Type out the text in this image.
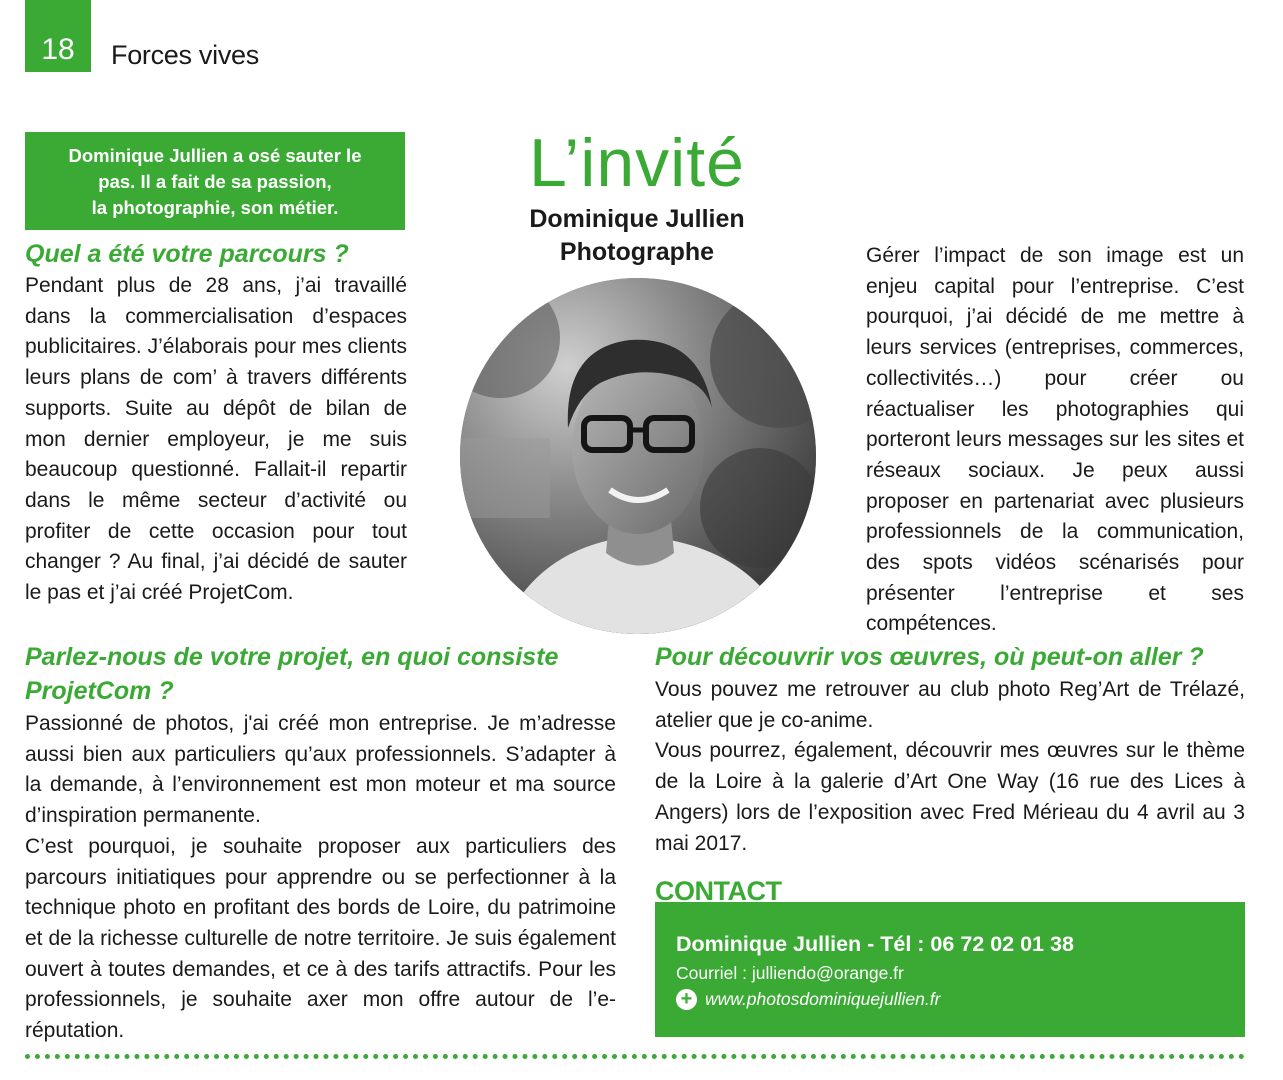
18 Forces vives
Dominique Jullien a osé sauter le
pas. Il a fait de sa passion,
la photographie, son métier.
L’invité
Dominique Jullien
Photographe
Quel a été votre parcours ?

Pendant plus de 28 ans, j’ai travaillé dans la commercialisation d’espaces publicitaires. J’élaborais pour mes clients leurs plans de com’ à travers différents supports. Suite au dépôt de bilan de mon dernier employeur, je me suis beaucoup questionné. Fallait-il repartir dans le même secteur d’activité ou profiter de cette occasion pour tout changer ? Au final, j’ai décidé de sauter le pas et j’ai créé ProjetCom.

Gérer l’impact de son image est un enjeu capital pour l’entreprise. C’est pourquoi, j’ai décidé de me mettre à leurs services (entreprises, commerces, collectivités…) pour créer ou réactualiser les photographies qui porteront leurs messages sur les sites et réseaux sociaux. Je peux aussi proposer en partenariat avec plusieurs professionnels de la communication, des spots vidéos scénarisés pour présenter l’entreprise et ses compétences.

Parlez-nous de votre projet, en quoi consiste
ProjetCom ?

Passionné de photos, j'ai créé mon entreprise. Je m’adresse aussi bien aux particuliers qu’aux professionnels. S’adapter à la demande, à l’environnement est mon moteur et ma source d’inspiration permanente.

C’est pourquoi, je souhaite proposer aux particuliers des parcours initiatiques pour apprendre ou se perfectionner à la technique photo en profitant des bords de Loire, du patrimoine et de la richesse culturelle de notre territoire. Je suis également ouvert à toutes demandes, et ce à des tarifs attractifs. Pour les professionnels, je souhaite axer mon offre autour de l’e-réputation.

Pour découvrir vos œuvres, où peut-on aller ?

Vous pouvez me retrouver au club photo Reg’Art de Trélazé, atelier que je co-anime.

Vous pourrez, également, découvrir mes œuvres sur le thème de la Loire à la galerie d’Art One Way (16 rue des Lices à Angers) lors de l’exposition avec Fred Mérieau du 4 avril au 3 mai 2017.

Dominique Jullien - Tél : 06 72 02 01 38
Courriel : julliendo@orange.fr
+ www.photosdominiquejullien.fr
CONTACT
